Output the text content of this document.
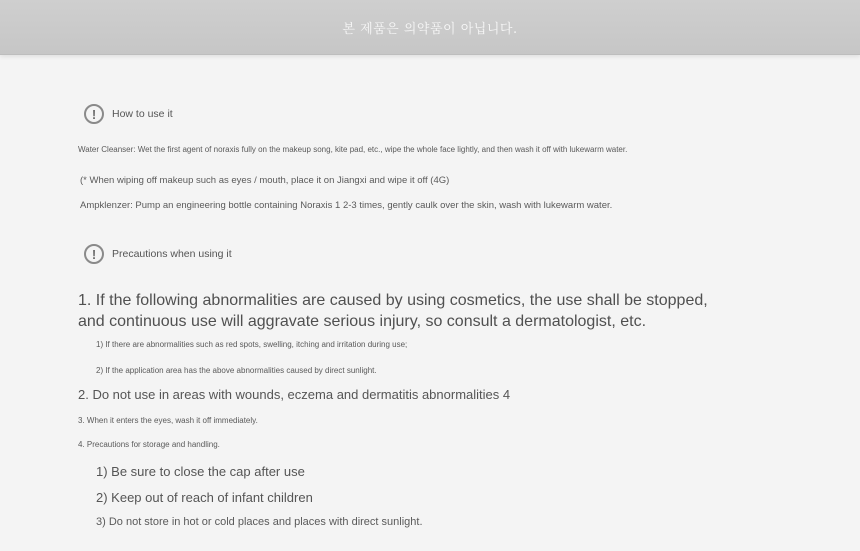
본 제품은 의약품이 아닙니다.
!	How to use it
Water Cleanser: Wet the first agent of noraxis fully on the makeup song, kite pad, etc., wipe the whole face lightly, and then wash it off with lukewarm water.
(* When wiping off makeup such as eyes / mouth, place it on Jiangxi and wipe it off (4G)
Ampklenzer: Pump an engineering bottle containing Noraxis 1 2-3 times, gently caulk over the skin, wash with lukewarm water.
!	Precautions when using it
1. If the following abnormalities are caused by using cosmetics, the use shall be stopped, and continuous use will aggravate serious injury, so consult a dermatologist, etc.
1) If there are abnormalities such as red spots, swelling, itching and irritation during use;
2) If the application area has the above abnormalities caused by direct sunlight.
2. Do not use in areas with wounds, eczema and dermatitis abnormalities 4
3. When it enters the eyes, wash it off immediately.
4. Precautions for storage and handling.
1) Be sure to close the cap after use
2) Keep out of reach of infant children
3) Do not store in hot or cold places and places with direct sunlight.
